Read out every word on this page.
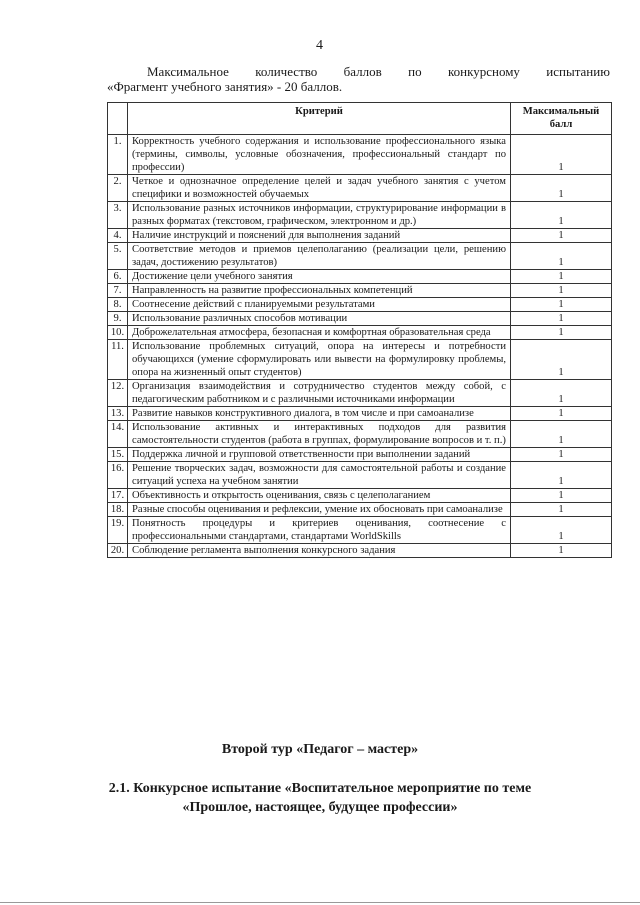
4
Максимальное количество баллов по конкурсному испытанию
«Фрагмент учебного занятия» - 20 баллов.
	Критерий	Максимальный балл
1.	Корректность учебного содержания и использование профессионального языка (термины, символы, условные обозначения, профессиональный стандарт по профессии)	1
2.	Четкое и однозначное определение целей и задач учебного занятия с учетом специфики и возможностей обучаемых	1
3.	Использование разных источников информации, структурирование информации в разных форматах (текстовом, графическом, электронном и др.)	1
4.	Наличие инструкций и пояснений для выполнения заданий	1
5.	Соответствие методов и приемов целеполаганию (реализации цели, решению задач, достижению результатов)	1
6.	Достижение цели учебного занятия	1
7.	Направленность на развитие профессиональных компетенций	1
8.	Соотнесение действий с планируемыми результатами	1
9.	Использование различных способов мотивации	1
10.	Доброжелательная атмосфера, безопасная и комфортная образовательная среда	1
11.	Использование проблемных ситуаций, опора на интересы и потребности обучающихся (умение сформулировать или вывести на формулировку проблемы, опора на жизненный опыт студентов)	1
12.	Организация взаимодействия и сотрудничество студентов между собой, с педагогическим работником и с различными источниками информации	1
13.	Развитие навыков конструктивного диалога, в том числе и при самоанализе	1
14.	Использование активных и интерактивных подходов для развития самостоятельности студентов (работа в группах, формулирование вопросов и т. п.)	1
15.	Поддержка личной и групповой ответственности при выполнении заданий	1
16.	Решение творческих задач, возможности для самостоятельной работы и создание ситуаций успеха на учебном занятии	1
17.	Объективность и открытость оценивания, связь с целеполаганием	1
18.	Разные способы оценивания и рефлексии, умение их обосновать при самоанализе	1
19.	Понятность процедуры и критериев оценивания, соотнесение с профессиональными стандартами, стандартами WorldSkills	1
20.	Соблюдение регламента выполнения конкурсного задания	1
Второй тур «Педагог – мастер»
2.1. Конкурсное испытание «Воспитательное мероприятие по теме
«Прошлое, настоящее, будущее профессии»
